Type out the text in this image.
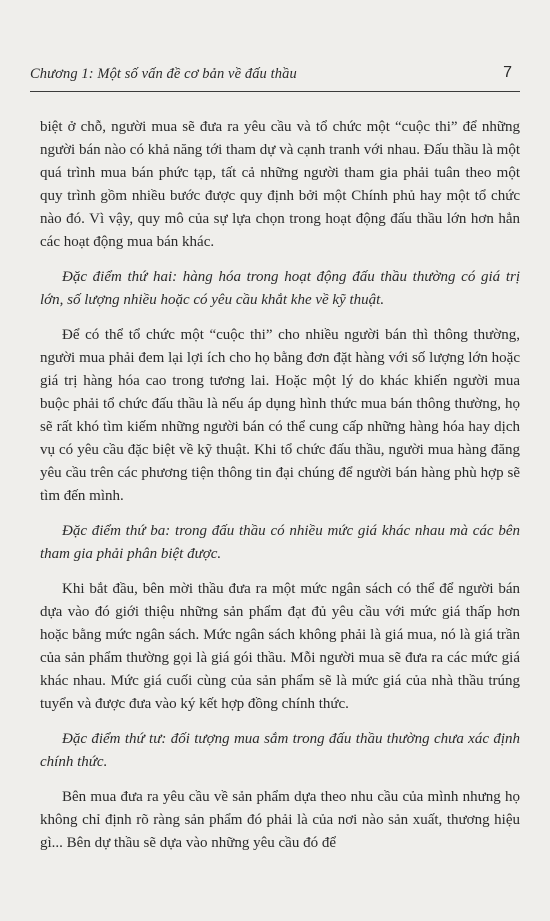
Chương 1: Một số vấn đề cơ bản về đấu thầu	7

biệt ở chỗ, người mua sẽ đưa ra yêu cầu và tổ chức một “cuộc thi” để những người bán nào có khả năng tới tham dự và cạnh tranh với nhau. Đấu thầu là một quá trình mua bán phức tạp, tất cả những người tham gia phải tuân theo một quy trình gồm nhiều bước được quy định bởi một Chính phủ hay một tổ chức nào đó. Vì vậy, quy mô của sự lựa chọn trong hoạt động đấu thầu lớn hơn hẳn các hoạt động mua bán khác.

Đặc điểm thứ hai: hàng hóa trong hoạt động đấu thầu thường có giá trị lớn, số lượng nhiều hoặc có yêu cầu khắt khe về kỹ thuật.

Để có thể tổ chức một “cuộc thi” cho nhiều người bán thì thông thường, người mua phải đem lại lợi ích cho họ bằng đơn đặt hàng với số lượng lớn hoặc giá trị hàng hóa cao trong tương lai. Hoặc một lý do khác khiến người mua buộc phải tổ chức đấu thầu là nếu áp dụng hình thức mua bán thông thường, họ sẽ rất khó tìm kiếm những người bán có thể cung cấp những hàng hóa hay dịch vụ có yêu cầu đặc biệt về kỹ thuật. Khi tổ chức đấu thầu, người mua hàng đăng yêu cầu trên các phương tiện thông tin đại chúng để người bán hàng phù hợp sẽ tìm đến mình.

Đặc điểm thứ ba: trong đấu thầu có nhiều mức giá khác nhau mà các bên tham gia phải phân biệt được.

Khi bắt đầu, bên mời thầu đưa ra một mức ngân sách có thể để người bán dựa vào đó giới thiệu những sản phẩm đạt đủ yêu cầu với mức giá thấp hơn hoặc bằng mức ngân sách. Mức ngân sách không phải là giá mua, nó là giá trần của sản phẩm thường gọi là giá gói thầu. Mỗi người mua sẽ đưa ra các mức giá khác nhau. Mức giá cuối cùng của sản phẩm sẽ là mức giá của nhà thầu trúng tuyển và được đưa vào ký kết hợp đồng chính thức.

Đặc điểm thứ tư: đối tượng mua sắm trong đấu thầu thường chưa xác định chính thức.

Bên mua đưa ra yêu cầu về sản phẩm dựa theo nhu cầu của mình nhưng họ không chỉ định rõ ràng sản phẩm đó phải là của nơi nào sản xuất, thương hiệu gì... Bên dự thầu sẽ dựa vào những yêu cầu đó để
